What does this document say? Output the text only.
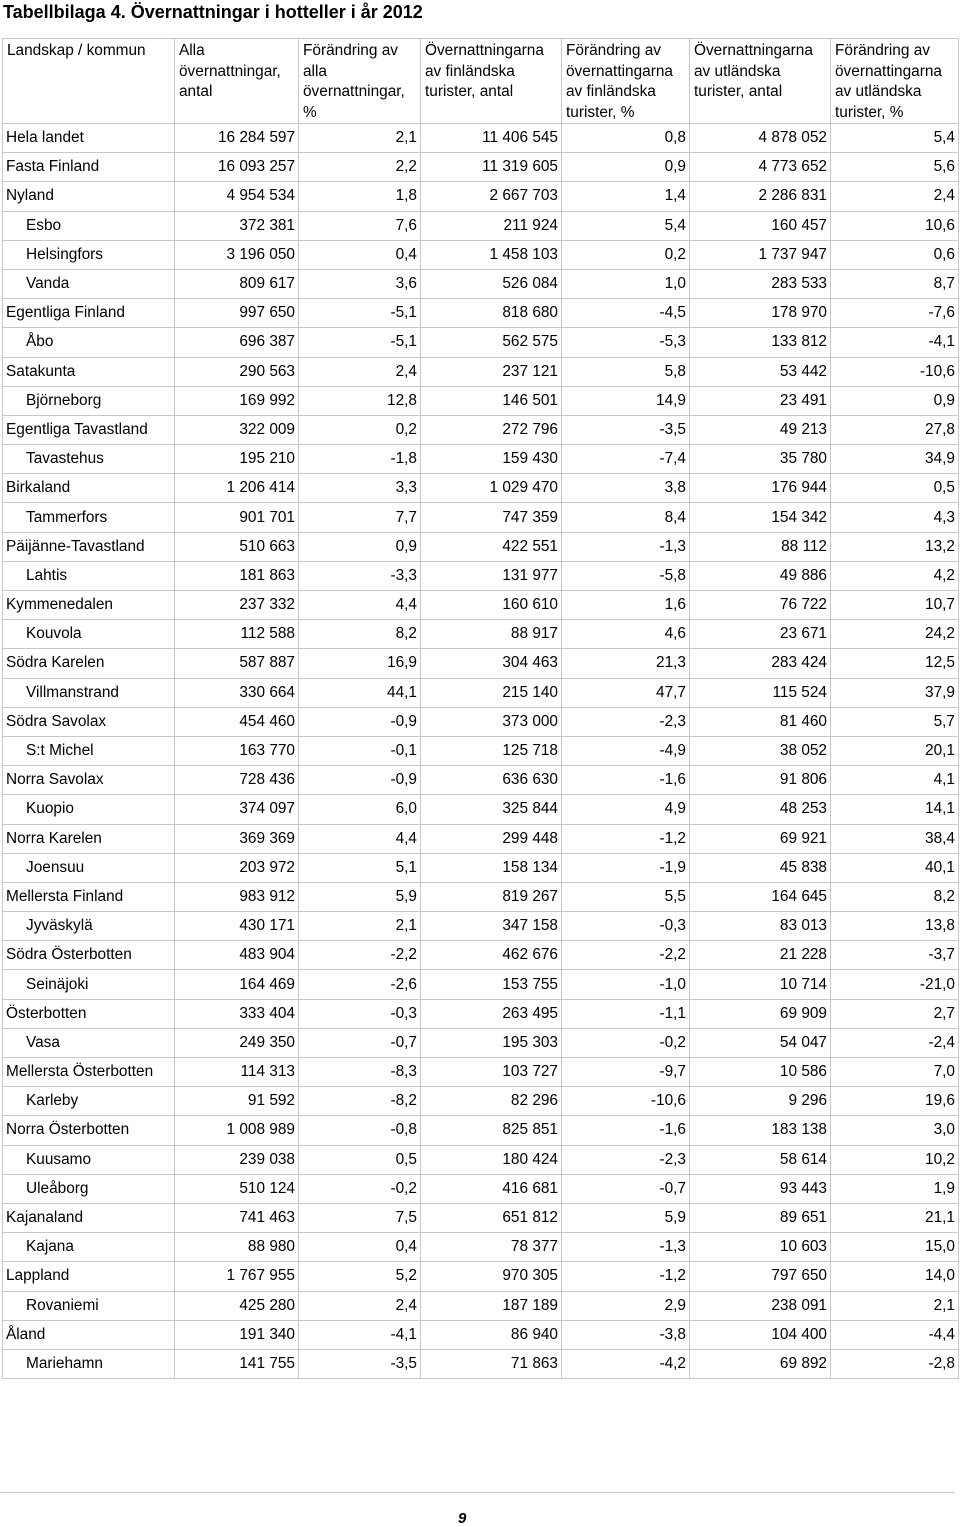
Tabellbilaga 4. Övernattningar i hotteller i år 2012
Landskap / kommun	Alla övernattningar, antal	Förändring av alla övernattningar, %	Övernattningarna av finländska turister, antal	Förändring av övernattingarna av finländska turister, %	Övernattningarna av utländska turister, antal	Förändring av övernattingarna av utländska turister, %
Hela landet	16 284 597	2,1	11 406 545	0,8	4 878 052	5,4
Fasta Finland	16 093 257	2,2	11 319 605	0,9	4 773 652	5,6
Nyland	4 954 534	1,8	2 667 703	1,4	2 286 831	2,4
Esbo	372 381	7,6	211 924	5,4	160 457	10,6
Helsingfors	3 196 050	0,4	1 458 103	0,2	1 737 947	0,6
Vanda	809 617	3,6	526 084	1,0	283 533	8,7
Egentliga Finland	997 650	-5,1	818 680	-4,5	178 970	-7,6
Åbo	696 387	-5,1	562 575	-5,3	133 812	-4,1
Satakunta	290 563	2,4	237 121	5,8	53 442	-10,6
Björneborg	169 992	12,8	146 501	14,9	23 491	0,9
Egentliga Tavastland	322 009	0,2	272 796	-3,5	49 213	27,8
Tavastehus	195 210	-1,8	159 430	-7,4	35 780	34,9
Birkaland	1 206 414	3,3	1 029 470	3,8	176 944	0,5
Tammerfors	901 701	7,7	747 359	8,4	154 342	4,3
Päijänne-Tavastland	510 663	0,9	422 551	-1,3	88 112	13,2
Lahtis	181 863	-3,3	131 977	-5,8	49 886	4,2
Kymmenedalen	237 332	4,4	160 610	1,6	76 722	10,7
Kouvola	112 588	8,2	88 917	4,6	23 671	24,2
Södra Karelen	587 887	16,9	304 463	21,3	283 424	12,5
Villmanstrand	330 664	44,1	215 140	47,7	115 524	37,9
Södra Savolax	454 460	-0,9	373 000	-2,3	81 460	5,7
S:t Michel	163 770	-0,1	125 718	-4,9	38 052	20,1
Norra Savolax	728 436	-0,9	636 630	-1,6	91 806	4,1
Kuopio	374 097	6,0	325 844	4,9	48 253	14,1
Norra Karelen	369 369	4,4	299 448	-1,2	69 921	38,4
Joensuu	203 972	5,1	158 134	-1,9	45 838	40,1
Mellersta Finland	983 912	5,9	819 267	5,5	164 645	8,2
Jyväskylä	430 171	2,1	347 158	-0,3	83 013	13,8
Södra Österbotten	483 904	-2,2	462 676	-2,2	21 228	-3,7
Seinäjoki	164 469	-2,6	153 755	-1,0	10 714	-21,0
Österbotten	333 404	-0,3	263 495	-1,1	69 909	2,7
Vasa	249 350	-0,7	195 303	-0,2	54 047	-2,4
Mellersta Österbotten	114 313	-8,3	103 727	-9,7	10 586	7,0
Karleby	91 592	-8,2	82 296	-10,6	9 296	19,6
Norra Österbotten	1 008 989	-0,8	825 851	-1,6	183 138	3,0
Kuusamo	239 038	0,5	180 424	-2,3	58 614	10,2
Uleåborg	510 124	-0,2	416 681	-0,7	93 443	1,9
Kajanaland	741 463	7,5	651 812	5,9	89 651	21,1
Kajana	88 980	0,4	78 377	-1,3	10 603	15,0
Lappland	1 767 955	5,2	970 305	-1,2	797 650	14,0
Rovaniemi	425 280	2,4	187 189	2,9	238 091	2,1
Åland	191 340	-4,1	86 940	-3,8	104 400	-4,4
Mariehamn	141 755	-3,5	71 863	-4,2	69 892	-2,8
9
